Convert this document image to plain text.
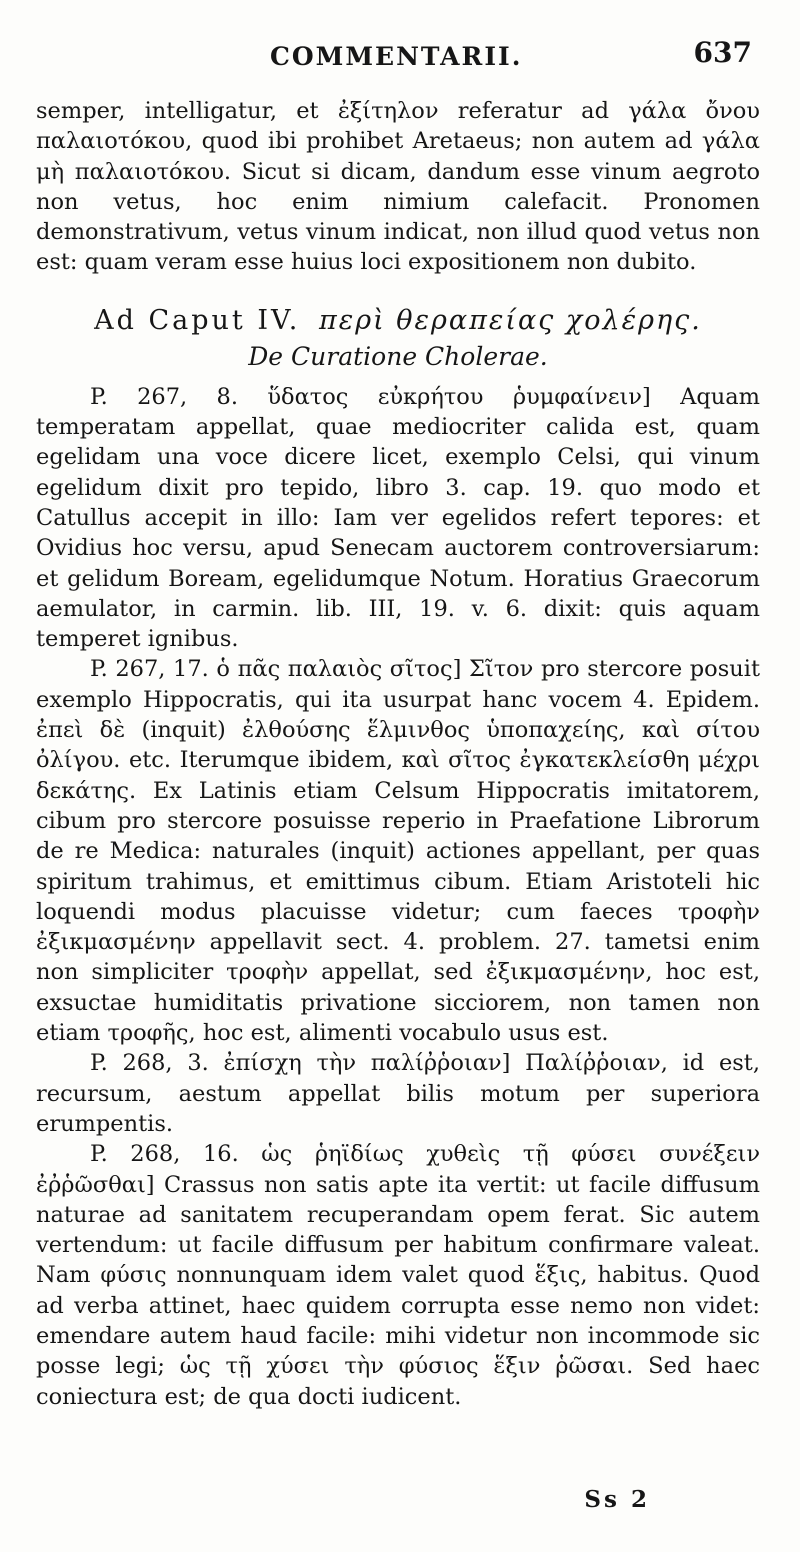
COMMENTARII.	637

semper, intelligatur, et ἐξίτηλον referatur ad γάλα ὄνου παλαιοτόκου, quod ibi prohibet Aretaeus; non autem ad γάλα μὴ παλαιοτόκου. Sicut si dicam, dandum esse vinum aegroto non vetus, hoc enim nimium calefacit. Pronomen demonstrativum, vetus vinum indicat, non illud quod vetus non est: quam veram esse huius loci expositionem non dubito.

Ad Caput IV. περὶ θεραπείας χολέρης.
De Curatione Cholerae.

P. 267, 8. ὕδατος εὐκρήτου ῥυμφαίνειν] Aquam temperatam appellat, quae mediocriter calida est, quam egelidam una voce dicere licet, exemplo Celsi, qui vinum egelidum dixit pro tepido, libro 3. cap. 19. quo modo et Catullus accepit in illo: Iam ver egelidos refert tepores: et Ovidius hoc versu, apud Senecam auctorem controversiarum: et gelidum Boream, egelidumque Notum. Horatius Graecorum aemulator, in carmin. lib. III, 19. v. 6. dixit: quis aquam temperet ignibus.

P. 267, 17. ὁ πᾶς παλαιὸς σῖτος] Σῖτον pro stercore posuit exemplo Hippocratis, qui ita usurpat hanc vocem 4. Epidem. ἐπεὶ δὲ (inquit) ἐλθούσης ἕλμινθος ὑποπαχείης, καὶ σίτου ὀλίγου. etc. Iterumque ibidem, καὶ σῖτος ἐγκατεκλείσθη μέχρι δεκάτης. Ex Latinis etiam Celsum Hippocratis imitatorem, cibum pro stercore posuisse reperio in Praefatione Librorum de re Medica: naturales (inquit) actiones appellant, per quas spiritum trahimus, et emittimus cibum. Etiam Aristoteli hic loquendi modus placuisse videtur; cum faeces τροφὴν ἐξικμασμένην appellavit sect. 4. problem. 27. tametsi enim non simpliciter τροφὴν appellat, sed ἐξικμασμένην, hoc est, exsuctae humiditatis privatione sicciorem, non tamen non etiam τροφῆς, hoc est, alimenti vocabulo usus est.

P. 268, 3. ἐπίσχη τὴν παλίῤῥοιαν] Παλίῤῥοιαν, id est, recursum, aestum appellat bilis motum per superiora erumpentis.

P. 268, 16. ὡς ῥηϊδίως χυθεὶς τῇ φύσει συνέξειν ἐῤῥῶσθαι] Crassus non satis apte ita vertit: ut facile diffusum naturae ad sanitatem recuperandam opem ferat. Sic autem vertendum: ut facile diffusum per habitum confirmare valeat. Nam φύσις nonnunquam idem valet quod ἕξις, habitus. Quod ad verba attinet, haec quidem corrupta esse nemo non videt: emendare autem haud facile: mihi videtur non incommode sic posse legi; ὡς τῇ χύσει τὴν φύσιος ἕξιν ῥῶσαι. Sed haec coniectura est; de qua docti iudicent.

Ss 2
